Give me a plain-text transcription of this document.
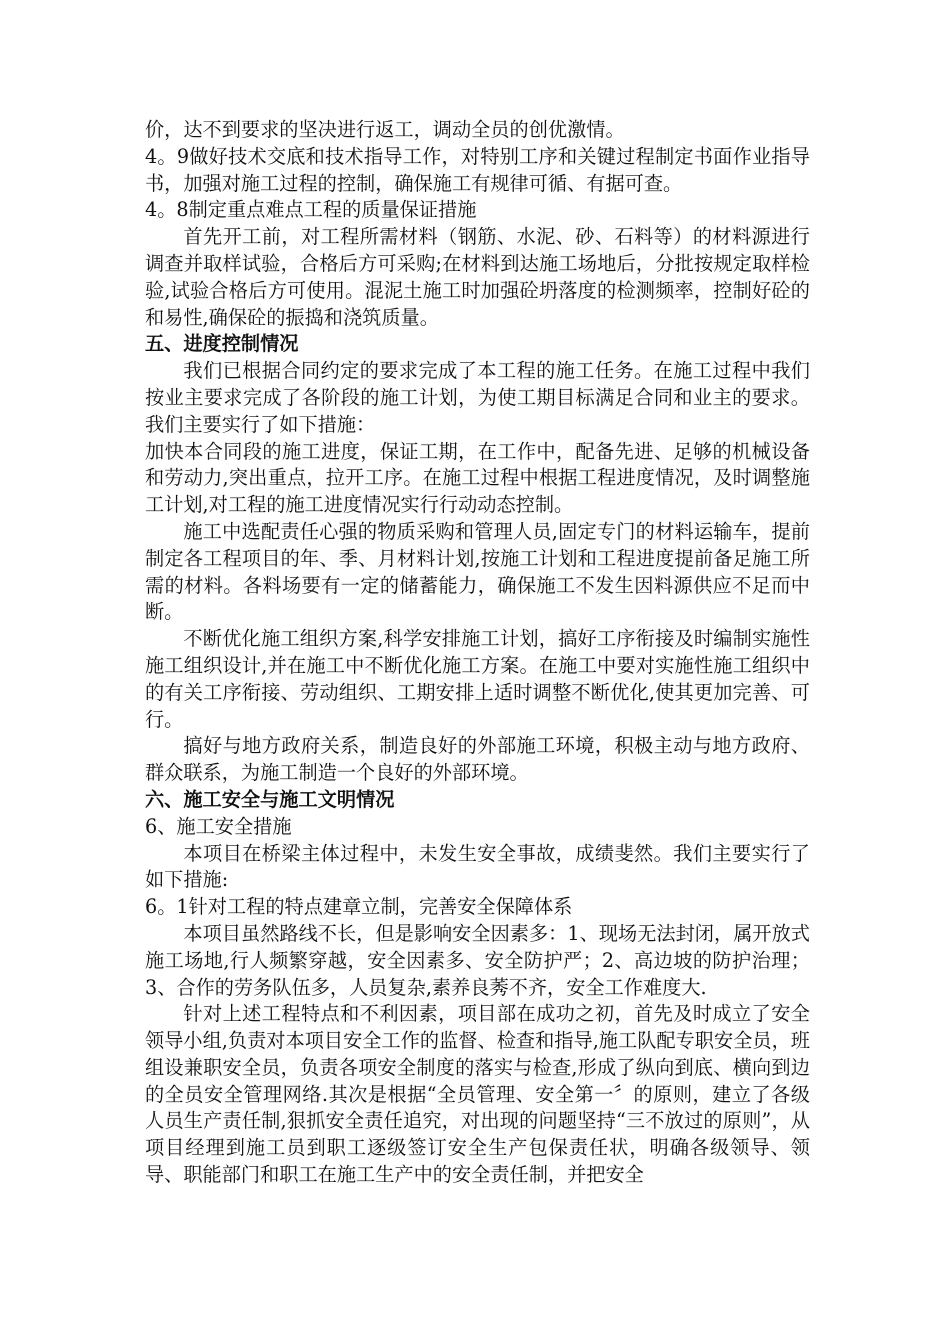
价，达不到要求的坚决进行返工，调动全员的创优激情。

4。9做好技术交底和技术指导工作，对特别工序和关键过程制定书面作业指导书，加强对施工过程的控制，确保施工有规律可循、有据可查。

4。8制定重点难点工程的质量保证措施

首先开工前，对工程所需材料（钢筋、水泥、砂、石料等）的材料源进行调查并取样试验，合格后方可采购;在材料到达施工场地后，分批按规定取样检验,试验合格后方可使用。混泥土施工时加强砼坍落度的检测频率，控制好砼的和易性,确保砼的振捣和浇筑质量。

五、进度控制情况

我们已根据合同约定的要求完成了本工程的施工任务。在施工过程中我们按业主要求完成了各阶段的施工计划，为使工期目标满足合同和业主的要求。我们主要实行了如下措施：

加快本合同段的施工进度，保证工期，在工作中，配备先进、足够的机械设备和劳动力,突出重点，拉开工序。在施工过程中根据工程进度情况，及时调整施工计划,对工程的施工进度情况实行行动动态控制。

施工中选配责任心强的物质采购和管理人员,固定专门的材料运输车，提前制定各工程项目的年、季、月材料计划,按施工计划和工程进度提前备足施工所需的材料。各料场要有一定的储蓄能力，确保施工不发生因料源供应不足而中断。

不断优化施工组织方案,科学安排施工计划，搞好工序衔接及时编制实施性施工组织设计,并在施工中不断优化施工方案。在施工中要对实施性施工组织中的有关工序衔接、劳动组织、工期安排上适时调整不断优化,使其更加完善、可行。

搞好与地方政府关系，制造良好的外部施工环境，积极主动与地方政府、群众联系，为施工制造一个良好的外部环境。

六、施工安全与施工文明情况

6、施工安全措施

本项目在桥梁主体过程中，未发生安全事故，成绩斐然。我们主要实行了如下措施:

6。1针对工程的特点建章立制，完善安全保障体系

本项目虽然路线不长，但是影响安全因素多：1、现场无法封闭，属开放式施工场地,行人频繁穿越，安全因素多、安全防护严；2、高边坡的防护治理；3、合作的劳务队伍多，人员复杂,素养良莠不齐，安全工作难度大.

针对上述工程特点和不利因素，项目部在成功之初，首先及时成立了安全领导小组,负责对本项目安全工作的监督、检查和指导,施工队配专职安全员，班组设兼职安全员，负责各项安全制度的落实与检查,形成了纵向到底、横向到边的全员安全管理网络.其次是根据“全员管理、安全第一〞的原则，建立了各级人员生产责任制,狠抓安全责任追究，对出现的问题坚持“三不放过的原则”，从项目经理到施工员到职工逐级签订安全生产包保责任状，明确各级领导、领导、职能部门和职工在施工生产中的安全责任制，并把安全
